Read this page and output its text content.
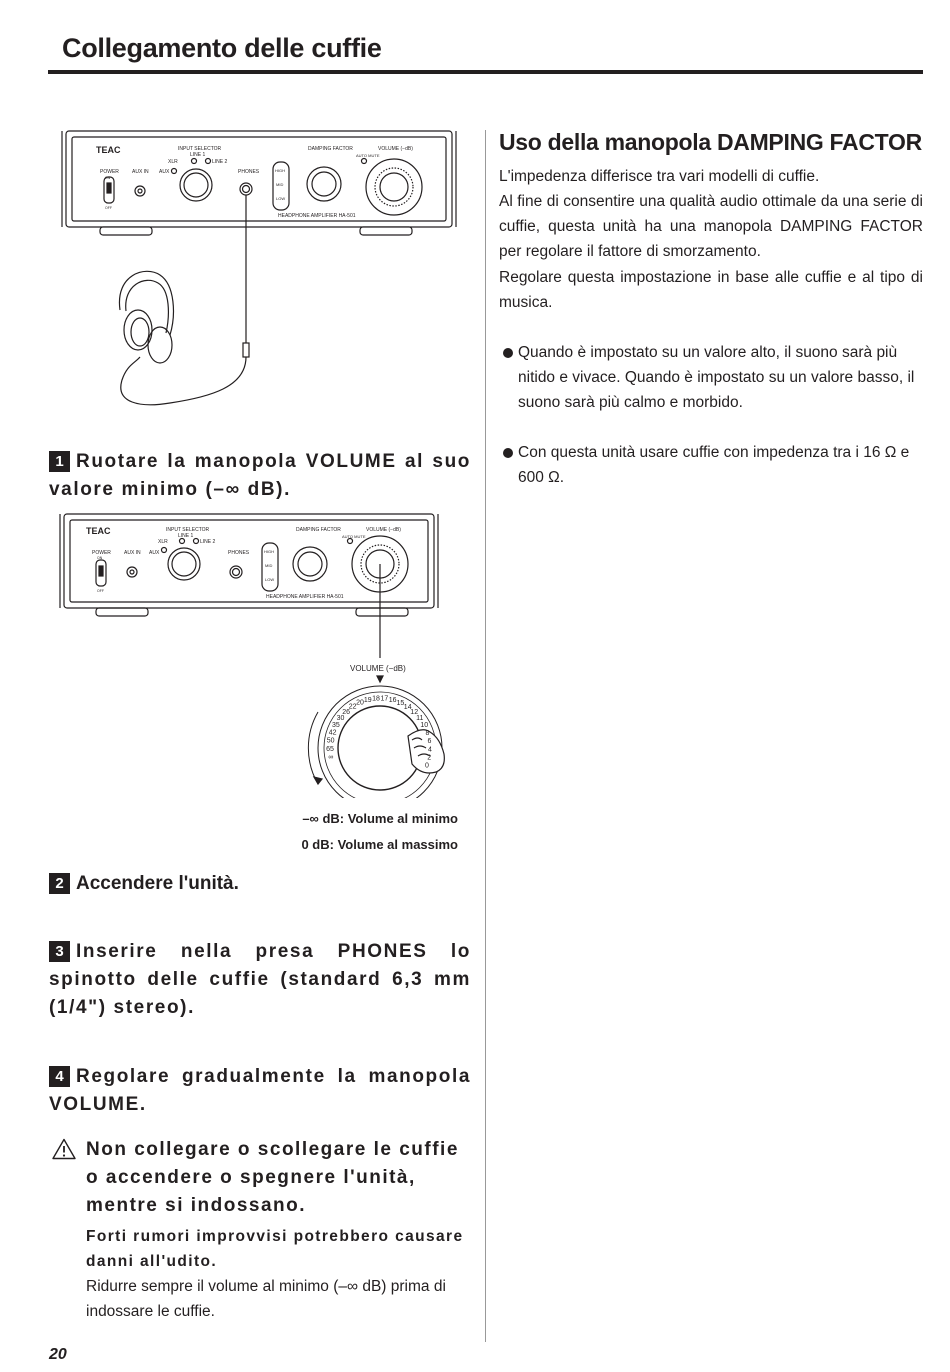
Collegamento delle cuffie
TEAC
POWER
ON
OFF
AUX IN AUX
INPUT SELECTOR
LINE 1
XLR	LINE 2
PHONES	HIGH
MID
LOW
DAMPING FACTOR	VOLUME (−dB)
AUTO MUTE
HEADPHONE AMPLIFIER HA-501
1 Ruotare la manopola VOLUME al suo valore minimo (–∞ dB).
TEAC
POWER
ON
OFF
AUX IN AUX
INPUT SELECTOR
LINE 1
XLR	LINE 2
PHONES	HIGH
MID
LOW
DAMPING FACTOR	VOLUME (−dB)
AUTO MUTE
HEADPHONE AMPLIFIER HA-501
VOLUME (−dB)
∞
65
50
42
35
30
26
22
20 19 18 17 16 15
14
12
11
10
8
6
4
2
0
–∞ dB: Volume al minimo
0 dB: Volume al massimo
2 Accendere l'unità.
3 Inserire nella presa PHONES lo spinotto delle cuffie (standard 6,3 mm (1/4") stereo).
4 Regolare gradualmente la manopola VOLUME.
Non collegare o scollegare le cuffie o accendere o spegnere l'unità, mentre si indossano.
Forti rumori improvvisi potrebbero causare danni all'udito.
Ridurre sempre il volume al minimo (–∞ dB) prima di indossare le cuffie.
20
Uso della manopola DAMPING FACTOR
L'impedenza differisce tra vari modelli di cuffie.
Al fine di consentire una qualità audio ottimale da una serie di cuffie, questa unità ha una manopola DAMPING FACTOR per regolare il fattore di smorzamento.
Regolare questa impostazione in base alle cuffie e al tipo di musica.
Quando è impostato su un valore alto, il suono sarà più nitido e vivace. Quando è impostato su un valore basso, il suono sarà più calmo e morbido.
Con questa unità usare cuffie con impedenza tra i 16 Ω e 600 Ω.
